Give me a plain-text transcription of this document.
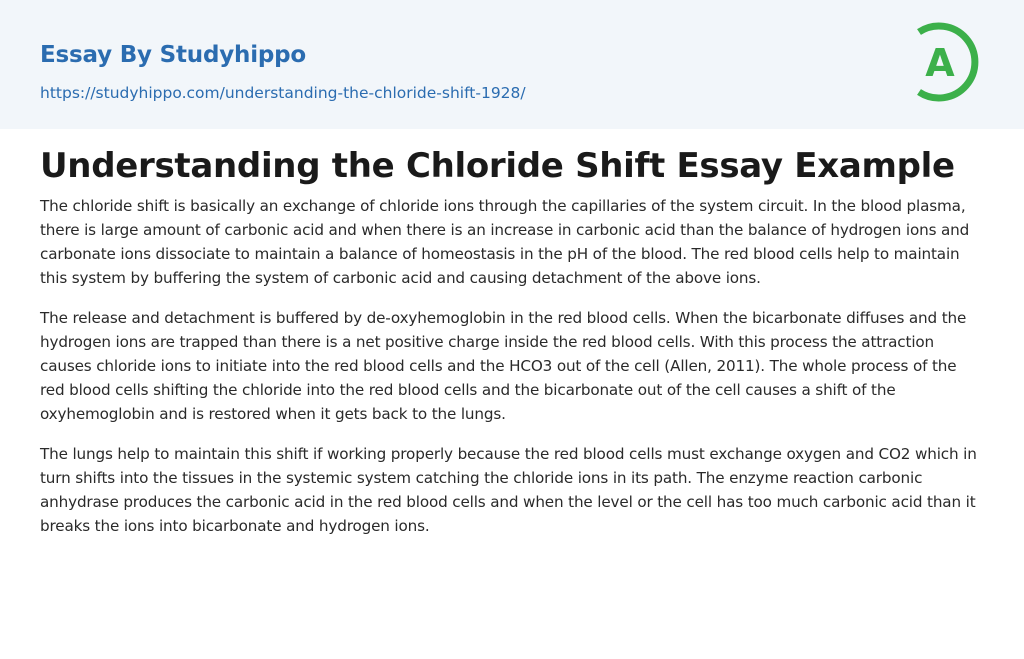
Essay By Studyhippo
https://studyhippo.com/understanding-the-chloride-shift-1928/
A
Understanding the Chloride Shift Essay Example

The chloride shift is basically an exchange of chloride ions through the capillaries of the system circuit. In the blood plasma, there is large amount of carbonic acid and when there is an increase in carbonic acid than the balance of hydrogen ions and carbonate ions dissociate to maintain a balance of homeostasis in the pH of the blood. The red blood cells help to maintain this system by buffering the system of carbonic acid and causing detachment of the above ions.

The release and detachment is buffered by de-oxyhemoglobin in the red blood cells. When the bicarbonate diffuses and the hydrogen ions are trapped than there is a net positive charge inside the red blood cells. With this process the attraction causes chloride ions to initiate into the red blood cells and the HCO3 out of the cell (Allen, 2011). The whole process of the red blood cells shifting the chloride into the red blood cells and the bicarbonate out of the cell causes a shift of the oxyhemoglobin and is restored when it gets back to the lungs.

The lungs help to maintain this shift if working properly because the red blood cells must exchange oxygen and CO2 which in turn shifts into the tissues in the systemic system catching the chloride ions in its path. The enzyme reaction carbonic anhydrase produces the carbonic acid in the red blood cells and when the level or the cell has too much carbonic acid than it breaks the ions into bicarbonate and hydrogen ions.
